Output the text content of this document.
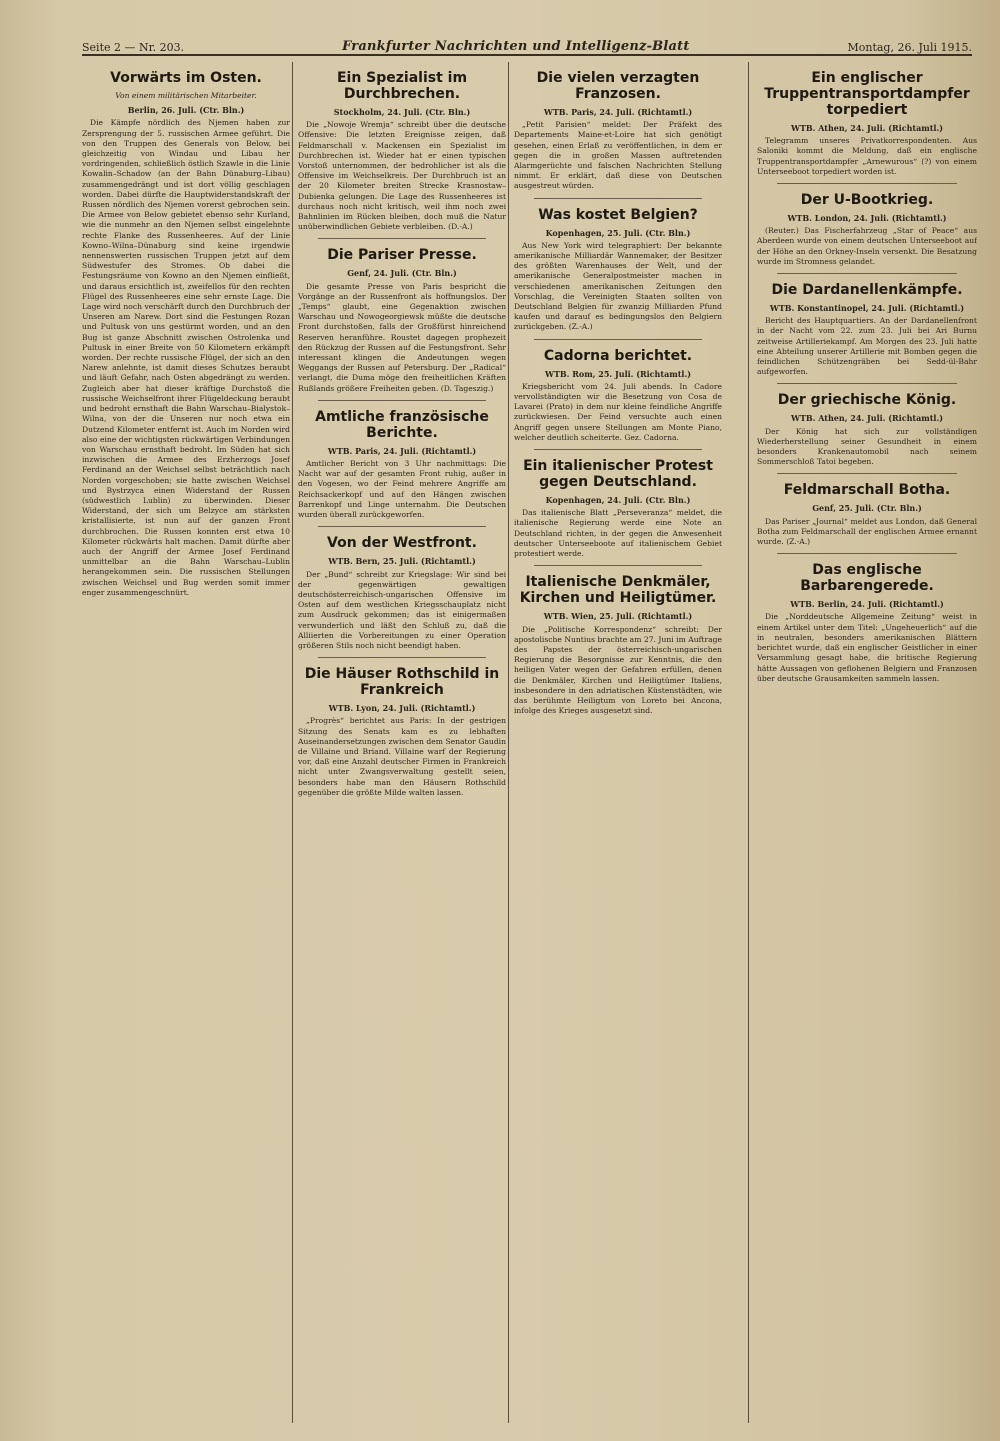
Seite 2 — Nr. 203.	Frankfurter Nachrichten und Intelligenz-Blatt	Montag, 26. Juli 1915.
Vorwärts im Osten.
Von einem militärischen Mitarbeiter.
Berlin, 26. Juli. (Ctr. Bln.)

Die Kämpfe nördlich des Njemen haben zur Zersprengung der 5. russischen Armee geführt. Die von den Truppen des Generals von Below, bei gleichzeitig von Windau und Libau her vordringenden, schließlich östlich Szawle in die Linie Kowalin–Schadow (an der Bahn Dünaburg–Libau) zusammengedrängt und ist dort völlig geschlagen worden. Dabei dürfte die Hauptwiderstandskraft der Russen nördlich des Njemen vorerst gebrochen sein. Die Armee von Below gebietet ebenso sehr Kurland, wie die nunmehr an den Njemen selbst eingelehnte rechte Flanke des Russenheeres. Auf der Linie Kowno–Wilna–Dünaburg sind keine irgendwie nennenswerten russischen Truppen jetzt auf dem Südwestufer des Stromes. Ob dabei die Festungsräume von Kowno an den Njemen einfließt, und daraus ersichtlich ist, zweifellos für den rechten Flügel des Russenheeres eine sehr ernste Lage. Die Lage wird noch verschärft durch den Durchbruch der Unseren am Narew. Dort sind die Festungen Rozan und Pultusk von uns gestürmt worden, und an den Bug ist ganze Abschnitt zwischen Ostrolenka und Pultusk in einer Breite von 50 Kilometern erkämpft worden. Der rechte russische Flügel, der sich an den Narew anlehnte, ist damit dieses Schutzes beraubt und läuft Gefahr, nach Osten abgedrängt zu werden. Zugleich aber hat dieser kräftige Durchstoß die russische Weichselfront ihrer Flügeldeckung beraubt und bedroht ernsthaft die Bahn Warschau–Bialystok–Wilna, von der die Unseren nur noch etwa ein Dutzend Kilometer entfernt ist. Auch im Norden wird also eine der wichtigsten rückwärtigen Verbindungen von Warschau ernsthaft bedroht. Im Süden hat sich inzwischen die Armee des Erzherzogs Josef Ferdinand an der Weichsel selbst beträchtlich nach Norden vorgeschoben; sie hatte zwischen Weichsel und Bystrzyca einen Widerstand der Russen (südwestlich Lublin) zu überwinden. Dieser Widerstand, der sich um Belzyce am stärksten kristallisierte, ist nun auf der ganzen Front durchbrochen. Die Russen konnten erst etwa 10 Kilometer rückwärts halt machen. Damit dürfte aber auch der Angriff der Armee Josef Ferdinand unmittelbar an die Bahn Warschau–Lublin herangekommen sein. Die russischen Stellungen zwischen Weichsel und Bug werden somit immer enger zusammengeschnürt.

Ein Spezialist im Durchbrechen.
Stockholm, 24. Juli. (Ctr. Bln.)

Die „Nowoje Wremja“ schreibt über die deutsche Offensive: Die letzten Ereignisse zeigen, daß Feldmarschall v. Mackensen ein Spezialist im Durchbrechen ist. Wieder hat er einen typischen Vorstoß unternommen, der bedrohlicher ist als die Offensive im Weichselkreis. Der Durchbruch ist an der 20 Kilometer breiten Strecke Krasnostaw–Dubienka gelungen. Die Lage des Russenheeres ist durchaus noch nicht kritisch, weil ihm noch zwei Bahnlinien im Rücken bleiben, doch muß die Natur unüberwindlichen Gebiete verbleiben. (D.-A.)

Die Pariser Presse.
Genf, 24. Juli. (Ctr. Bln.)

Die gesamte Presse von Paris bespricht die Vorgänge an der Russenfront als hoffnungslos. Der „Temps“ glaubt, eine Gegenaktion zwischen Warschau und Nowogeorgiewsk müßte die deutsche Front durchstoßen, falls der Großfürst hinreichend Reserven heranführe. Roustet dagegen prophezeit den Rückzug der Russen auf die Festungsfront. Sehr interessant klingen die Andeutungen wegen Weggangs der Russen auf Petersburg. Der „Radical“ verlangt, die Duma möge den freiheitlichen Kräften Rußlands größere Freiheiten geben. (D. Tageszig.)

Amtliche französische Berichte.
WTB. Paris, 24. Juli. (Richtamtl.)

Amtlicher Bericht von 3 Uhr nachmittags: Die Nacht war auf der gesamten Front ruhig, außer in den Vogesen, wo der Feind mehrere Angriffe am Reichsackerkopf und auf den Hängen zwischen Barrenkopf und Linge unternahm. Die Deutschen wurden überall zurückgeworfen.

Von der Westfront.
WTB. Bern, 25. Juli. (Richtamtl.)

Der „Bund“ schreibt zur Kriegslage: Wir sind bei der gegenwärtigen gewaltigen deutschösterreichisch-ungarischen Offensive im Osten auf dem westlichen Kriegsschauplatz nicht zum Ausdruck gekommen; das ist einigermaßen verwunderlich und läßt den Schluß zu, daß die Alliierten die Vorbereitungen zu einer Operation größeren Stils noch nicht beendigt haben.

Die Häuser Rothschild in Frankreich
WTB. Lyon, 24. Juli. (Richtamtl.)

„Progrès“ berichtet aus Paris: In der gestrigen Sitzung des Senats kam es zu lebhaften Auseinandersetzungen zwischen dem Senator Gaudin de Villaine und Briand. Villaine warf der Regierung vor, daß eine Anzahl deutscher Firmen in Frankreich nicht unter Zwangsverwaltung gestellt seien, besonders habe man den Häusern Rothschild gegenüber die größte Milde walten lassen.

Die vielen verzagten Franzosen.
WTB. Paris, 24. Juli. (Richtamtl.)

„Petit Parisien“ meldet: Der Präfekt des Departements Maine-et-Loire hat sich genötigt gesehen, einen Erlaß zu veröffentlichen, in dem er gegen die in großen Massen auftretenden Alarmgerüchte und falschen Nachrichten Stellung nimmt. Er erklärt, daß diese von Deutschen ausgestreut würden.

Was kostet Belgien?
Kopenhagen, 25. Juli. (Ctr. Bln.)

Aus New York wird telegraphiert: Der bekannte amerikanische Milliardär Wannemaker, der Besitzer des größten Warenhauses der Welt, und der amerikanische Generalpostmeister machen in verschiedenen amerikanischen Zeitungen den Vorschlag, die Vereinigten Staaten sollten von Deutschland Belgien für zwanzig Milliarden Pfund kaufen und darauf es bedingungslos den Belgiern zurückgeben. (Z.-A.)

Cadorna berichtet.
WTB. Rom, 25. Juli. (Richtamtl.)

Kriegsbericht vom 24. Juli abends. In Cadore vervollständigten wir die Besetzung von Cosa de Lavarei (Prato) in dem nur kleine feindliche Angriffe zurückwiesen. Der Feind versuchte auch einen Angriff gegen unsere Stellungen am Monte Piano, welcher deutlich scheiterte. Gez. Cadorna.

Ein italienischer Protest gegen Deutschland.
Kopenhagen, 24. Juli. (Ctr. Bln.)

Das italienische Blatt „Perseveranza“ meldet, die italienische Regierung werde eine Note an Deutschland richten, in der gegen die Anwesenheit deutscher Unterseeboote auf italienischem Gebiet protestiert werde.

Italienische Denkmäler, Kirchen und Heiligtümer.
WTB. Wien, 25. Juli. (Richtamtl.)

Die „Politische Korrespondenz“ schreibt: Der apostolische Nuntius brachte am 27. Juni im Auftrage des Papstes der österreichisch-ungarischen Regierung die Besorgnisse zur Kenntnis, die den heiligen Vater wegen der Gefahren erfüllen, denen die Denkmäler, Kirchen und Heiligtümer Italiens, insbesondere in den adriatischen Küstenstädten, wie das berühmte Heiligtum von Loreto bei Ancona, infolge des Krieges ausgesetzt sind.

Ein englischer Truppentransportdampfer torpediert
WTB. Athen, 24. Juli. (Richtamtl.)

Telegramm unseres Privatkorrespondenten. Aus Saloniki kommt die Meldung, daß ein englische Truppentransportdampfer „Arnewurous“ (?) von einem Unterseeboot torpediert worden ist.

Der U-Bootkrieg.
WTB. London, 24. Juli. (Richtamtl.)

(Reuter.) Das Fischerfahrzeug „Star of Peace“ aus Aberdeen wurde von einem deutschen Unterseeboot auf der Höhe an den Orkney-Inseln versenkt. Die Besatzung wurde im Stromness gelandet.

Die Dardanellenkämpfe.
WTB. Konstantinopel, 24. Juli. (Richtamtl.)

Bericht des Hauptquartiers. An der Dardanellenfront in der Nacht vom 22. zum 23. Juli bei Ari Burnu zeitweise Artilleriekampf. Am Morgen des 23. Juli hatte eine Abteilung unserer Artillerie mit Bomben gegen die feindlichen Schützengräben bei Sedd-ül-Bahr aufgeworfen.

Der griechische König.
WTB. Athen, 24. Juli. (Richtamtl.)

Der König hat sich zur vollständigen Wiederherstellung seiner Gesundheit in einem besonders Krankenautomobil nach seinem Sommerschloß Tatoi begeben.

Feldmarschall Botha.
Genf, 25. Juli. (Ctr. Bln.)

Das Pariser „Journal“ meldet aus London, daß General Botha zum Feldmarschall der englischen Armee ernannt wurde. (Z.-A.)

Das englische Barbarengerede.
WTB. Berlin, 24. Juli. (Richtamtl.)

Die „Norddeutsche Allgemeine Zeitung“ weist in einem Artikel unter dem Titel: „Ungeheuerlich“ auf die in neutralen, besonders amerikanischen Blättern berichtet wurde, daß ein englischer Geistlicher in einer Versammlung gesagt habe, die britische Regierung hätte Aussagen von geflohenen Belgiern und Franzosen über deutsche Grausamkeiten sammeln lassen.
